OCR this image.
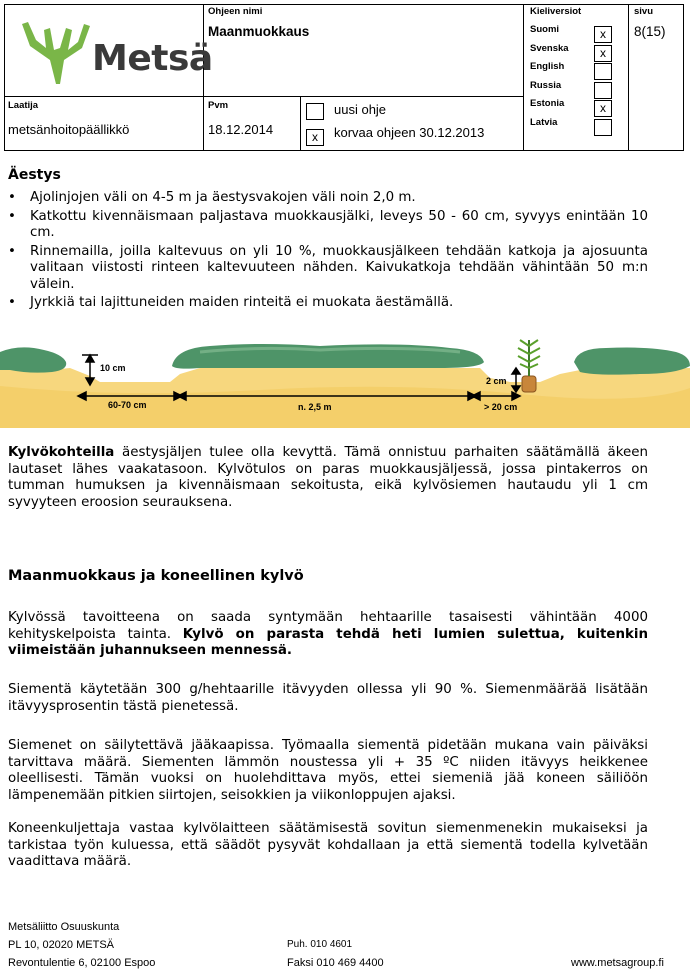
Metsä
Ohjeen nimi
Maanmuokkaus
Kieliversiot	sivu
8(15)
Laatija
metsänhoitopäällikkö
Pvm
18.12.2014
uusi ohje
x	korvaa ohjeen 30.12.2013
Suomi	x
Svenska	x
English
Russia
Estonia	x
Latvia
Äestys
• Ajolinjojen väli on 4-5 m ja äestysvakojen väli noin 2,0 m.
• Katkottu kivennäismaan paljastava muokkausjälki, leveys 50 - 60 cm, syvyys enintään 10 cm.
• Rinnemailla, joilla kaltevuus on yli 10 %, muokkausjälkeen tehdään katkoja ja ajosuunta valitaan viistosti rinteen kaltevuuteen nähden. Kaivukatkoja tehdään vähintään 50 m:n välein.
• Jyrkkiä tai lajittuneiden maiden rinteitä ei muokata äestämällä.
10 cm
60-70 cm	n. 2,5 m
2 cm
> 20 cm

Kylvökohteilla äestysjäljen tulee olla kevyttä. Tämä onnistuu parhaiten säätämällä äkeen lautaset lähes vaakatasoon. Kylvötulos on paras muokkausjäljessä, jossa pintakerros on tumman humuksen ja kivennäismaan sekoitusta, eikä kylvösiemen hautaudu yli 1 cm syvyyteen eroosion seurauksena.

Maanmuokkaus ja koneellinen kylvö

Kylvössä tavoitteena on saada syntymään hehtaarille tasaisesti vähintään 4000 kehityskelpoista tainta. Kylvö on parasta tehdä heti lumien sulettua, kuitenkin viimeistään juhannukseen mennessä.

Siementä käytetään 300 g/hehtaarille itävyyden ollessa yli 90 %. Siemenmäärää lisätään itävyysprosentin tästä pienetessä.

Siemenet on säilytettävä jääkaapissa. Työmaalla siementä pidetään mukana vain päiväksi tarvittava määrä. Siementen lämmön noustessa yli + 35 ºC niiden itävyys heikkenee oleellisesti. Tämän vuoksi on huolehdittava myös, ettei siemeniä jää koneen säiliöön lämpenemään pitkien siirtojen, seisokkien ja viikonloppujen ajaksi.

Koneenkuljettaja vastaa kylvölaitteen säätämisestä sovitun siemenmenekin mukaiseksi ja tarkistaa työn kuluessa, että säädöt pysyvät kohdallaan ja että siementä todella kylvetään vaadittava määrä.

Metsäliitto Osuuskunta
PL 10, 02020 METSÄ
Revontulentie 6, 02100 Espoo
Puh. 010 4601
Faksi 010 469 4400	www.metsagroup.fi
